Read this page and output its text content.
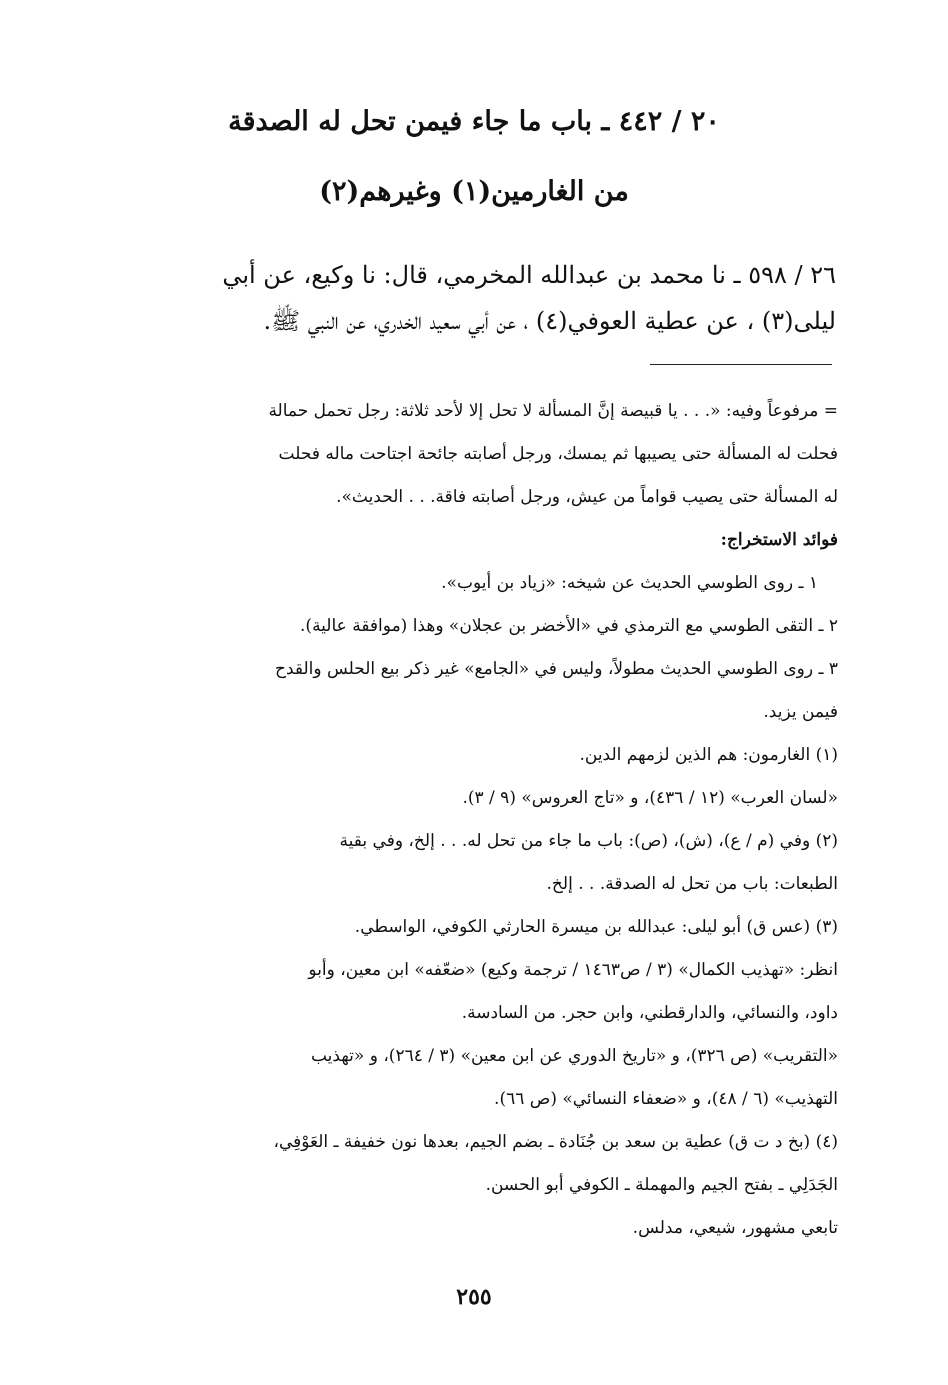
٢٠ / ٤٤٢ ـ باب ما جاء فيمن تحل له الصدقة
من الغارمين(١) وغيرهم(٢)
٢٦ / ٥٩٨ ـ نا محمد بن عبدالله المخرمي، قال: نا وكيع، عن أبي
ليلى(٣) ، عن عطية العوفي(٤) ، عن أبي سعيد الخدري، عن النبي ﷺ.
= مرفوعاً وفيه: «. . . يا قبيصة إنَّ المسألة لا تحل إلا لأحد ثلاثة: رجل تحمل حمالة
فحلت له المسألة حتى يصيبها ثم يمسك، ورجل أصابته جائحة اجتاحت ماله فحلت
له المسألة حتى يصيب قواماً من عيش، ورجل أصابته فاقة. . . الحديث».
فوائد الاستخراج:
١ ـ روى الطوسي الحديث عن شيخه: «زياد بن أيوب».
٢ ـ التقى الطوسي مع الترمذي في «الأخضر بن عجلان» وهذا (موافقة عالية).
٣ ـ روى الطوسي الحديث مطولاً، وليس في «الجامع» غير ذكر بيع الحلس والقدح
فيمن يزيد.
(١) الغارمون: هم الذين لزمهم الدين.
«لسان العرب» (١٢ / ٤٣٦)، و «تاج العروس» (٩ / ٣).
(٢) وفي (م / ع)، (ش)، (ص): باب ما جاء من تحل له. . . إلخ، وفي بقية
الطبعات: باب من تحل له الصدقة. . . إلخ.
(٣) (عس ق) أبو ليلى: عبدالله بن ميسرة الحارثي الكوفي، الواسطي.
انظر: «تهذيب الكمال» (٣ / ص١٤٦٣ / ترجمة وكيع) «ضعّفه» ابن معين، وأبو
داود، والنسائي، والدارقطني، وابن حجر. من السادسة.
«التقريب» (ص ٣٢٦)، و «تاريخ الدوري عن ابن معين» (٣ / ٢٦٤)، و «تهذيب
التهذيب» (٦ / ٤٨)، و «ضعفاء النسائي» (ص ٦٦).
(٤) (بخ د ت ق) عطية بن سعد بن جُنَادة ـ بضم الجيم، بعدها نون خفيفة ـ العَوْفِي،
الجَدَلِي ـ بفتح الجيم والمهملة ـ الكوفي أبو الحسن.
تابعي مشهور، شيعي، مدلس.
٢٥٥
